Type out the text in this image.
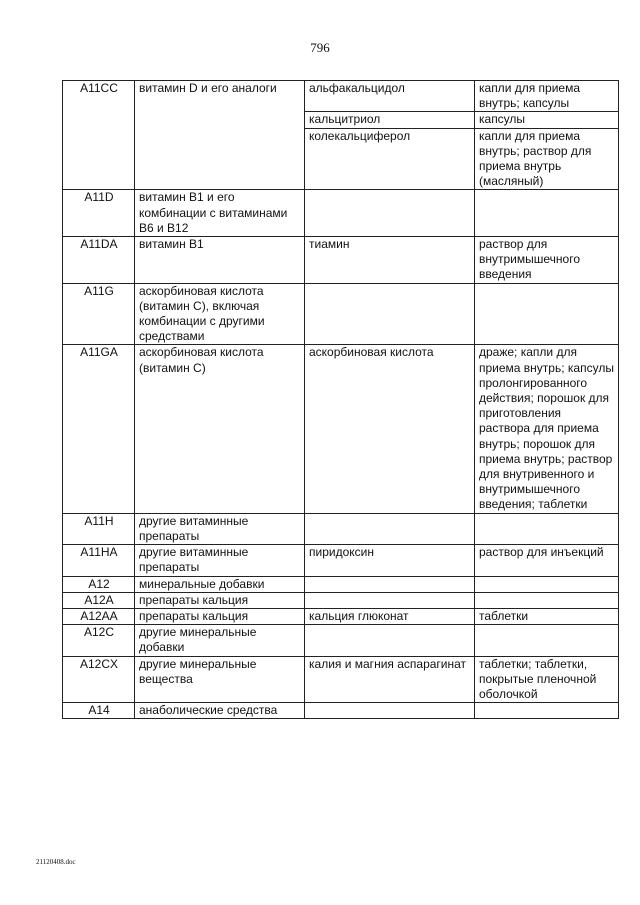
796
A11CC	витамин D и его аналоги	альфакальцидол	капли для приема внутрь; капсулы
		кальцитриол	капсулы
		колекальциферол	капли для приема внутрь; раствор для приема внутрь (масляный)
A11D	витамин B1 и его комбинации с витаминами B6 и B12		
A11DA	витамин B1	тиамин	раствор для внутримышечного введения
A11G	аскорбиновая кислота (витамин С), включая комбинации с другими средствами		
A11GA	аскорбиновая кислота (витамин С)	аскорбиновая кислота	драже; капли для приема внутрь; капсулы пролонгированного действия; порошок для приготовления раствора для приема внутрь; порошок для приема внутрь; раствор для внутривенного и внутримышечного введения; таблетки
A11H	другие витаминные препараты		
A11HA	другие витаминные препараты	пиридоксин	раствор для инъекций
A12	минеральные добавки		
A12A	препараты кальция		
A12AA	препараты кальция	кальция глюконат	таблетки
A12C	другие минеральные добавки		
A12CX	другие минеральные вещества	калия и магния аспарагинат	таблетки; таблетки, покрытые пленочной оболочкой
A14	анаболические средства		
21120408.doc
